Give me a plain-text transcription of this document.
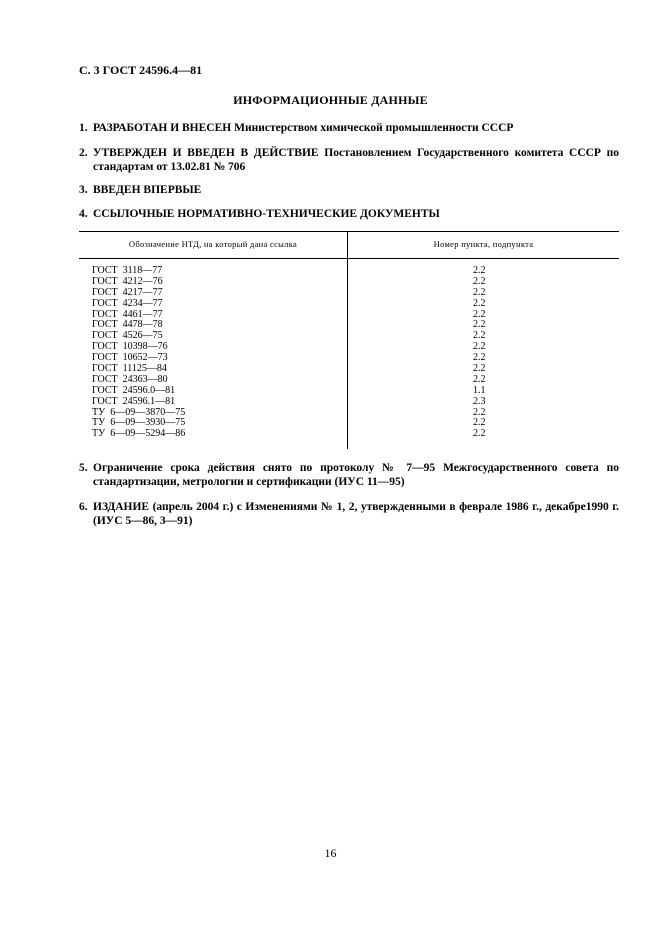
С. 3 ГОСТ 24596.4—81
ИНФОРМАЦИОННЫЕ ДАННЫЕ
1. РАЗРАБОТАН И ВНЕСЕН Министерством химической промышленности СССР
2. УТВЕРЖДЕН И ВВЕДЕН В ДЕЙСТВИЕ Постановлением Государственного комитета СССР по стандартам от 13.02.81 № 706
3. ВВЕДЕН ВПЕРВЫЕ
4. ССЫЛОЧНЫЕ НОРМАТИВНО-ТЕХНИЧЕСКИЕ ДОКУМЕНТЫ
Обозначение НТД, на который дана ссылка	Номер пункта, подпункта
ГОСТ  3118—77	2.2
ГОСТ  4212—76	2.2
ГОСТ  4217—77	2.2
ГОСТ  4234—77	2.2
ГОСТ  4461—77	2.2
ГОСТ  4478—78	2.2
ГОСТ  4526—75	2.2
ГОСТ  10398—76	2.2
ГОСТ  10652—73	2.2
ГОСТ  11125—84	2.2
ГОСТ  24363—80	2.2
ГОСТ  24596.0—81	1.1
ГОСТ  24596.1—81	2.3
ТУ  6—09—3870—75	2.2
ТУ  6—09—3930—75	2.2
ТУ  6—09—5294—86	2.2
5. Ограничение срока действия снято по протоколу № 7—95 Межгосударственного совета по стандартизации, метрологии и сертификации (ИУС 11—95)
6. ИЗДАНИЕ (апрель 2004 г.) с Изменениями № 1, 2, утвержденными в феврале 1986 г., декабре1990 г. (ИУС 5—86, 3—91)
16
